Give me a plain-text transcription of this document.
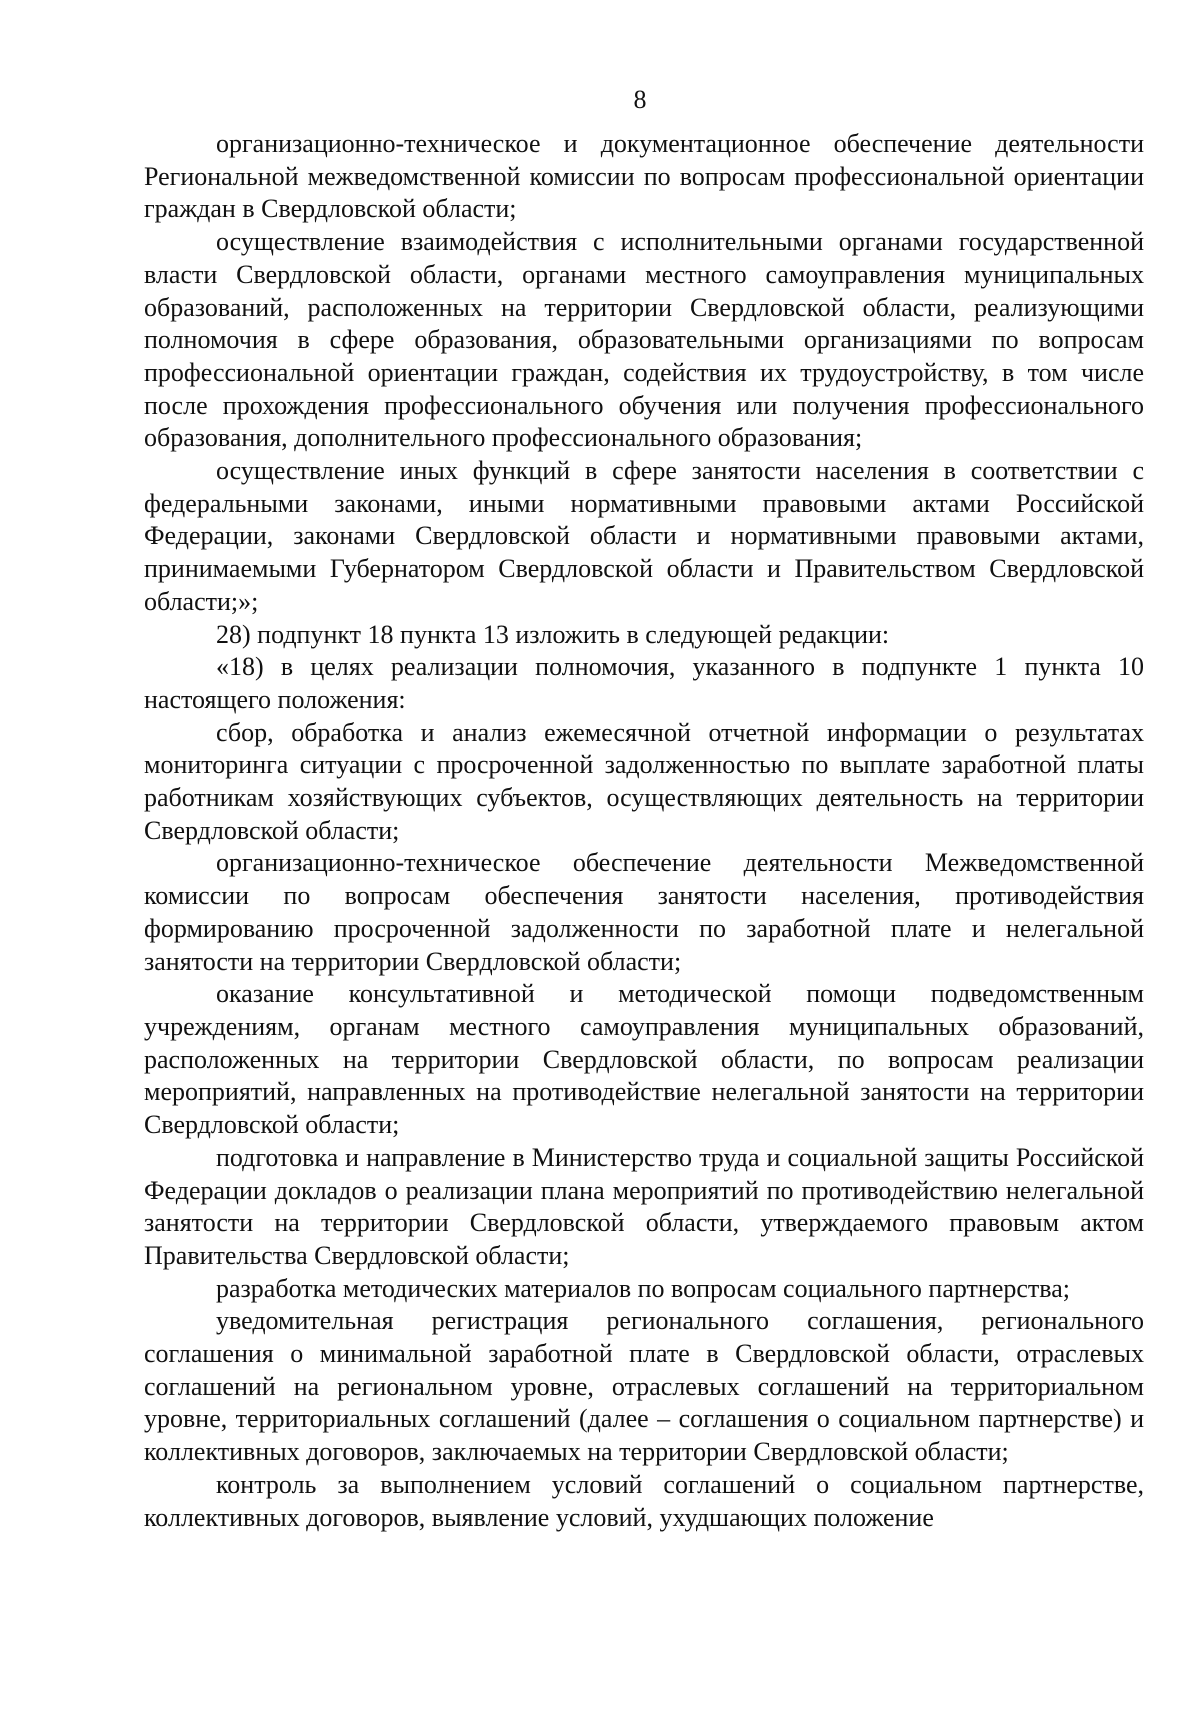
8

организационно-техническое и документационное обеспечение деятельности Региональной межведомственной комиссии по вопросам профессиональной ориентации граждан в Свердловской области;

осуществление взаимодействия с исполнительными органами государственной власти Свердловской области, органами местного самоуправления муниципальных образований, расположенных на территории Свердловской области, реализующими полномочия в сфере образования, образовательными организациями по вопросам профессиональной ориентации граждан, содействия их трудоустройству, в том числе после прохождения профессионального обучения или получения профессионального образования, дополнительного профессионального образования;

осуществление иных функций в сфере занятости населения в соответствии с федеральными законами, иными нормативными правовыми актами Российской Федерации, законами Свердловской области и нормативными правовыми актами, принимаемыми Губернатором Свердловской области и Правительством Свердловской области;»;

28) подпункт 18 пункта 13 изложить в следующей редакции:

«18) в целях реализации полномочия, указанного в подпункте 1 пункта 10 настоящего положения:

сбор, обработка и анализ ежемесячной отчетной информации о результатах мониторинга ситуации с просроченной задолженностью по выплате заработной платы работникам хозяйствующих субъектов, осуществляющих деятельность на территории Свердловской области;

организационно-техническое обеспечение деятельности Межведомственной комиссии по вопросам обеспечения занятости населения, противодействия формированию просроченной задолженности по заработной плате и нелегальной занятости на территории Свердловской области;

оказание консультативной и методической помощи подведомственным учреждениям, органам местного самоуправления муниципальных образований, расположенных на территории Свердловской области, по вопросам реализации мероприятий, направленных на противодействие нелегальной занятости на территории Свердловской области;

подготовка и направление в Министерство труда и социальной защиты Российской Федерации докладов о реализации плана мероприятий по противодействию нелегальной занятости на территории Свердловской области, утверждаемого правовым актом Правительства Свердловской области;

разработка методических материалов по вопросам социального партнерства;

уведомительная регистрация регионального соглашения, регионального соглашения о минимальной заработной плате в Свердловской области, отраслевых соглашений на региональном уровне, отраслевых соглашений на территориальном уровне, территориальных соглашений (далее – соглашения о социальном партнерстве) и коллективных договоров, заключаемых на территории Свердловской области;

контроль за выполнением условий соглашений о социальном партнерстве, коллективных договоров, выявление условий, ухудшающих положение
